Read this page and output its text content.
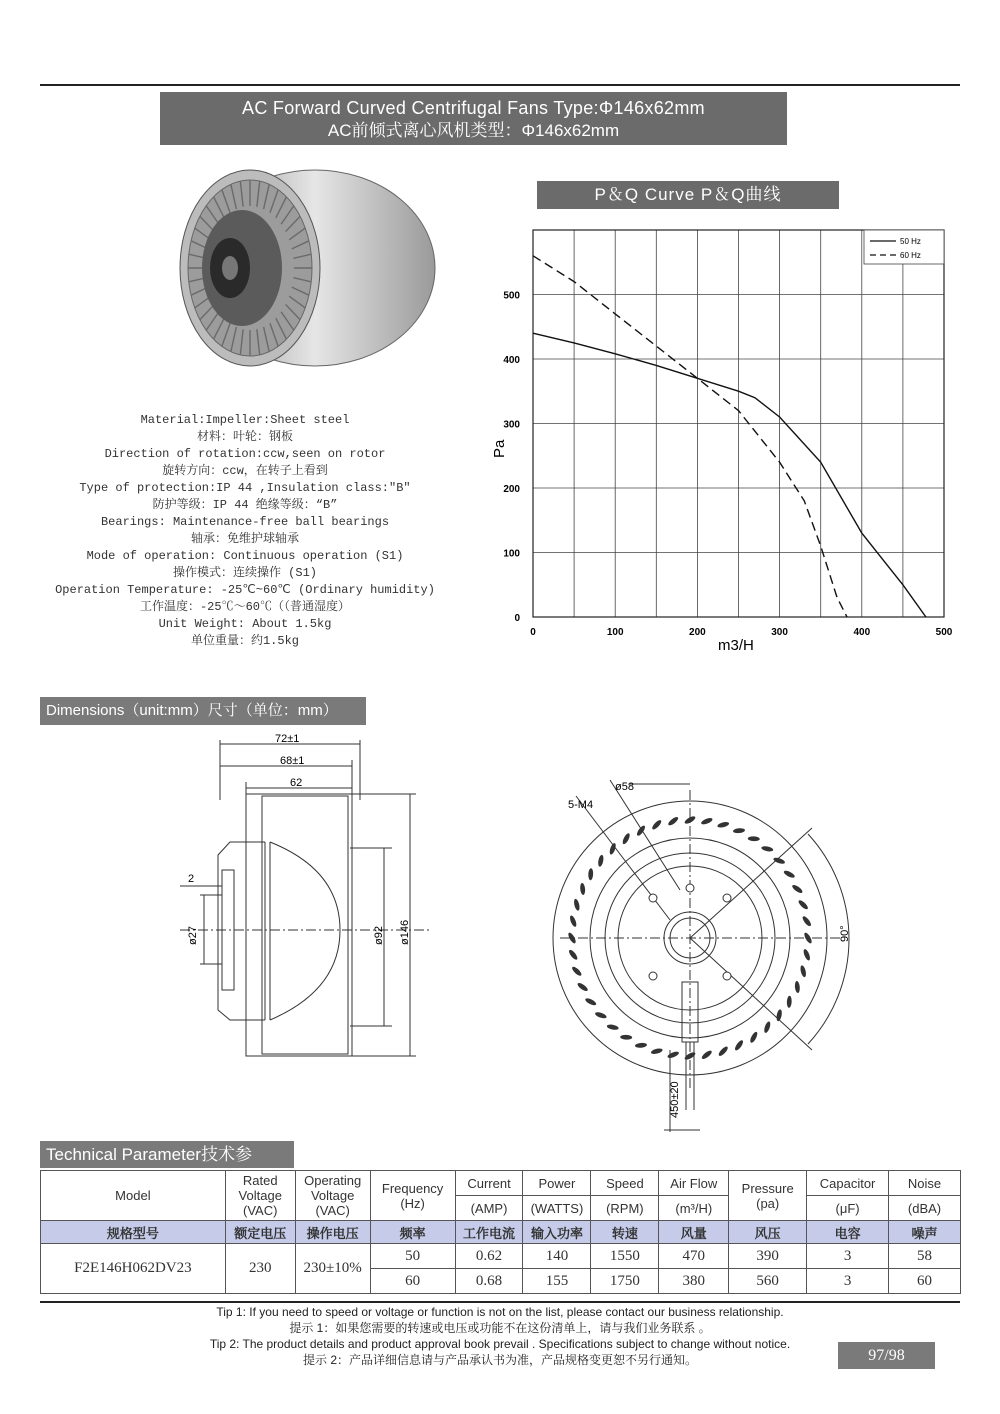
AC Forward Curved Centrifugal Fans Type:Φ146x62mm
AC前倾式离心风机类型：Φ146x62mm
Material:Impeller:Sheet steel
材料：叶轮：钢板
Direction of rotation:ccw,seen on rotor
旋转方向：ccw，在转子上看到
Type of protection:IP 44 ,Insulation class:"B"
防护等级：IP 44 绝缘等级：“B”
Bearings: Maintenance-free ball bearings
轴承：免维护球轴承
Mode of operation: Continuous operation (S1)
操作模式：连续操作 (S1)
Operation Temperature: -25℃~60℃ (Ordinary humidity)
工作温度：-25℃～60℃（（普通湿度）
Unit Weight: About 1.5kg
单位重量：约1.5kg
P＆Q Curve P＆Q曲线
Pa
m3/H
0	100	200	300	400	500
0
100
200
300
400
500
50 Hz
60 Hz
Dimensions（unit:mm）尺寸（单位：mm）
72±1
68±1
62
2
ø27	ø92 ø146
ø58
5-M4
90°
450±20
Technical Parameter技术参
Model	Rated Voltage (VAC)	Operating Voltage (VAC)	Frequency (Hz)	Current	Power	Speed	Air Flow	Pressure (pa)	Capacitor	Noise
				(AMP)	(WATTS)	(RPM)	(m³/H)		(μF)	(dBA)
规格型号	额定电压	操作电压	频率	工作电流	输入功率	转速	风量	风压	电容	噪声
F2E146H062DV23	230	230±10%	50	0.62	140	1550	470	390	3	58
			60	0.68	155	1750	380	560	3	60
Tip 1: If you need to speed or voltage or function is not on the list, please contact our business relationship.
提示 1：如果您需要的转速或电压或功能不在这份清单上，请与我们业务联系 。
Tip 2: The product details and product approval book prevail . Specifications subject to change without notice.
提示 2：产品详细信息请与产品承认书为准，产品规格变更恕不另行通知。	97/98
